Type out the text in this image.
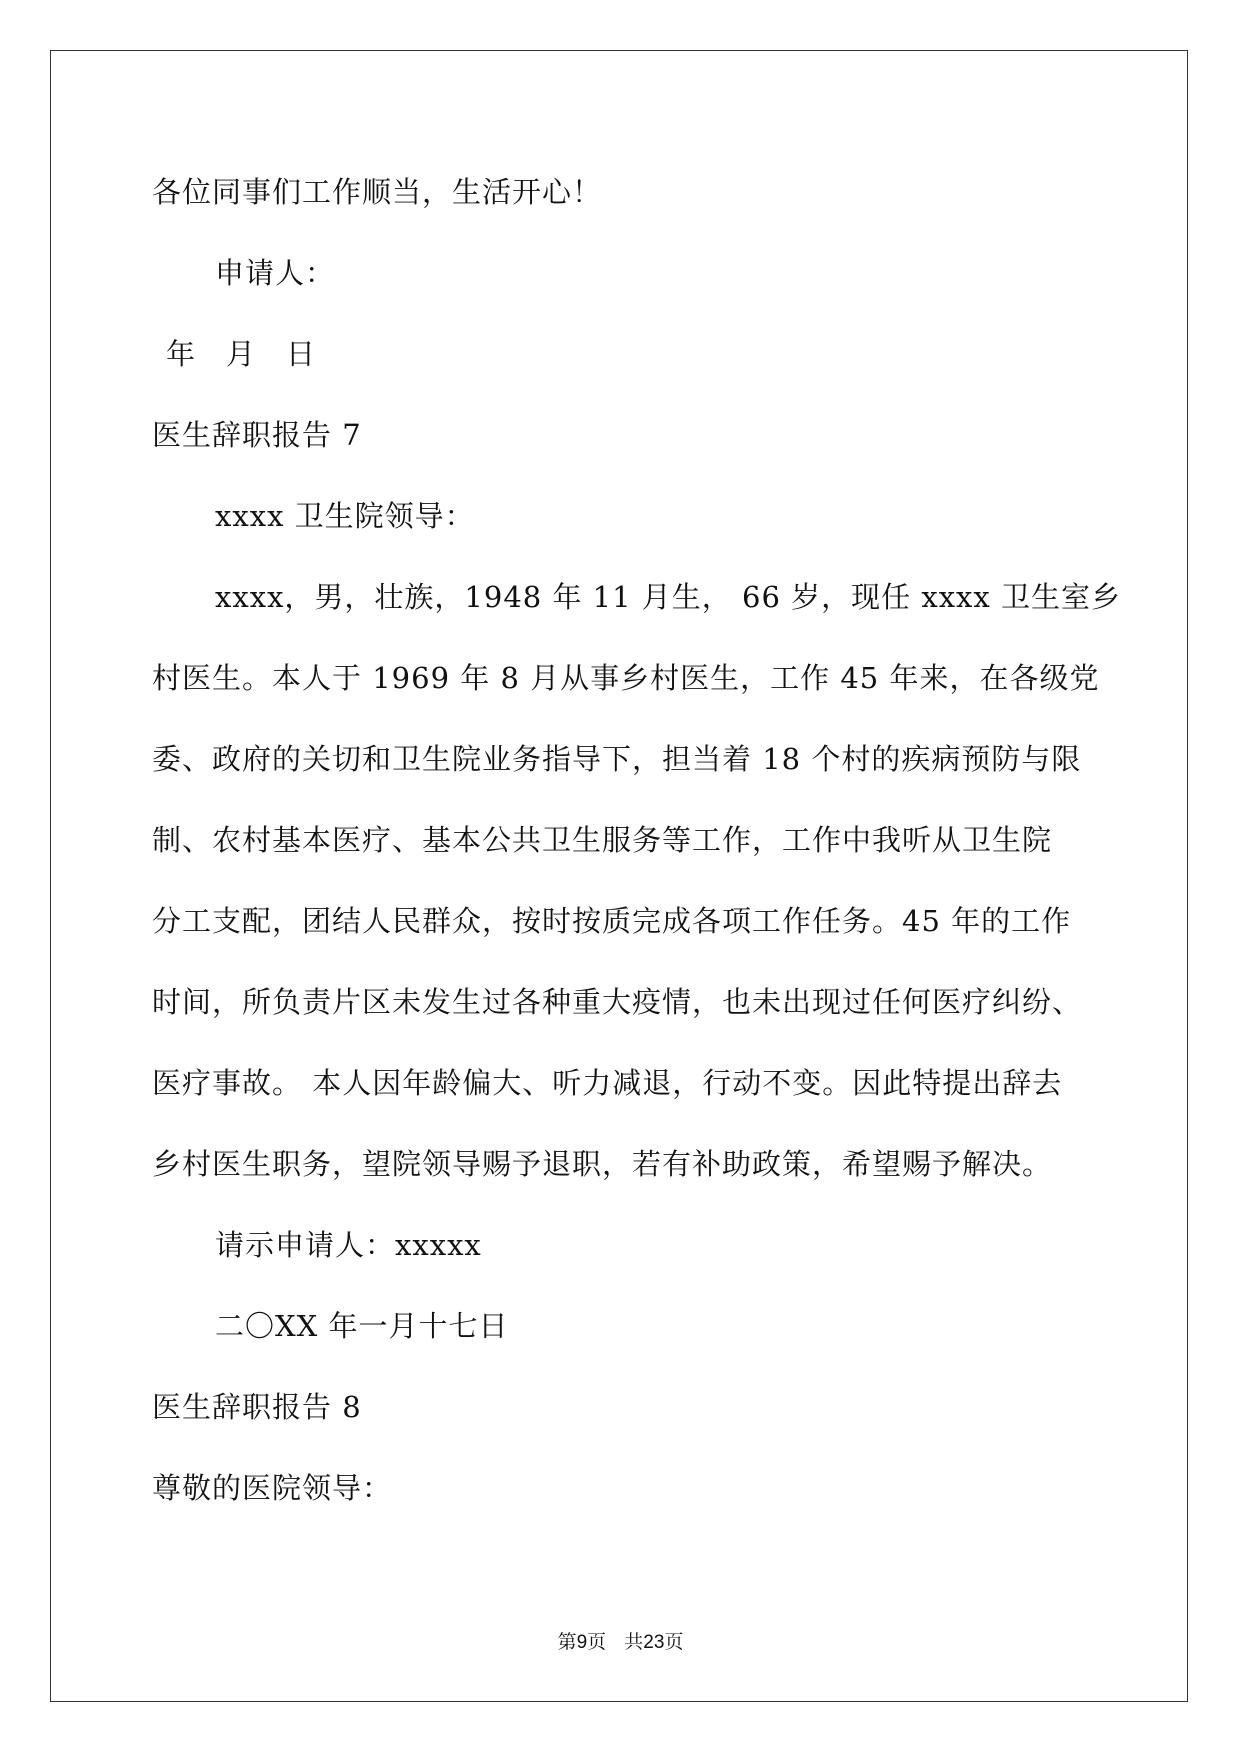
各位同事们工作顺当，生活开心！
申请人：
年　月　日
医生辞职报告 7
xxxx 卫生院领导：
xxxx，男，壮族，1948 年 11 月生， 66 岁，现任 xxxx 卫生室乡
村医生。本人于 1969 年 8 月从事乡村医生，工作 45 年来，在各级党
委、政府的关切和卫生院业务指导下，担当着 18 个村的疾病预防与限
制、农村基本医疗、基本公共卫生服务等工作，工作中我听从卫生院
分工支配，团结人民群众，按时按质完成各项工作任务。45 年的工作
时间，所负责片区未发生过各种重大疫情，也未出现过任何医疗纠纷、
医疗事故。 本人因年龄偏大、听力减退，行动不变。因此特提出辞去
乡村医生职务，望院领导赐予退职，若有补助政策，希望赐予解决。
请示申请人：xxxxx
二〇XX 年一月十七日
医生辞职报告 8
尊敬的医院领导：
第9页 共23页
